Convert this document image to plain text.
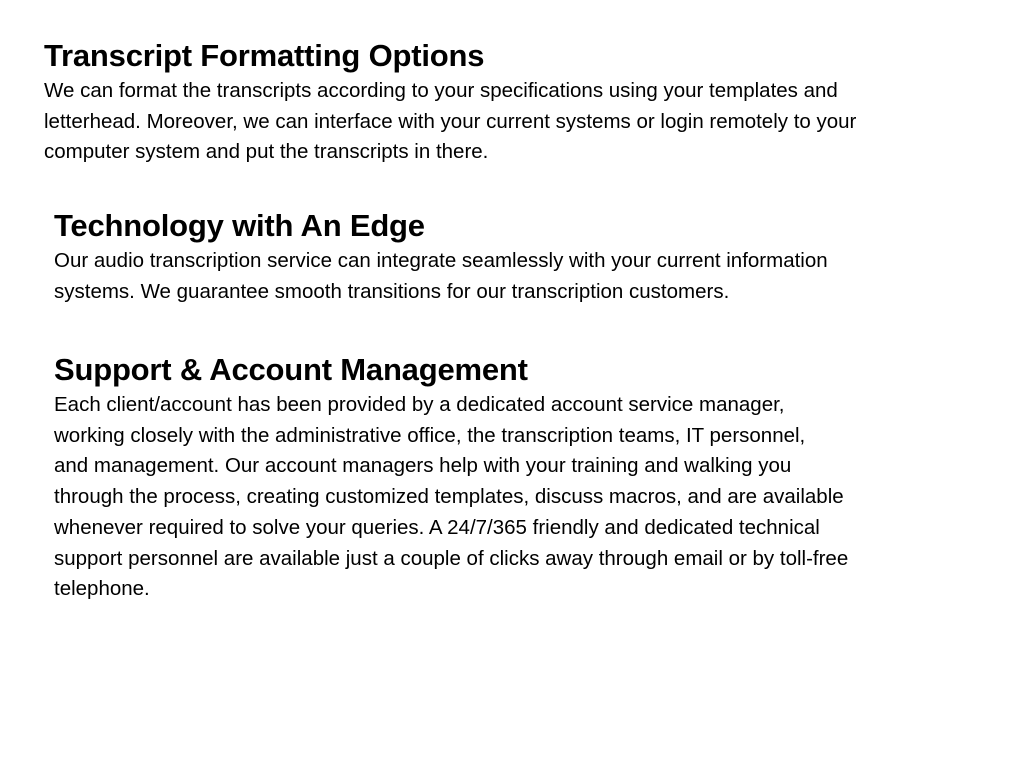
Transcript Formatting Options

We can format the transcripts according to your specifications using your templates and
letterhead. Moreover, we can interface with your current systems or login remotely to your
computer system and put the transcripts in there.

Technology with An Edge

Our audio transcription service can integrate seamlessly with your current information
systems. We guarantee smooth transitions for our transcription customers.

Support & Account Management

Each client/account has been provided by a dedicated account service manager,
working closely with the administrative office, the transcription teams, IT personnel,
and management. Our account managers help with your training and walking you
through the process, creating customized templates, discuss macros, and are available
whenever required to solve your queries. A 24/7/365 friendly and dedicated technical
support personnel are available just a couple of clicks away through email or by toll-free
telephone.
